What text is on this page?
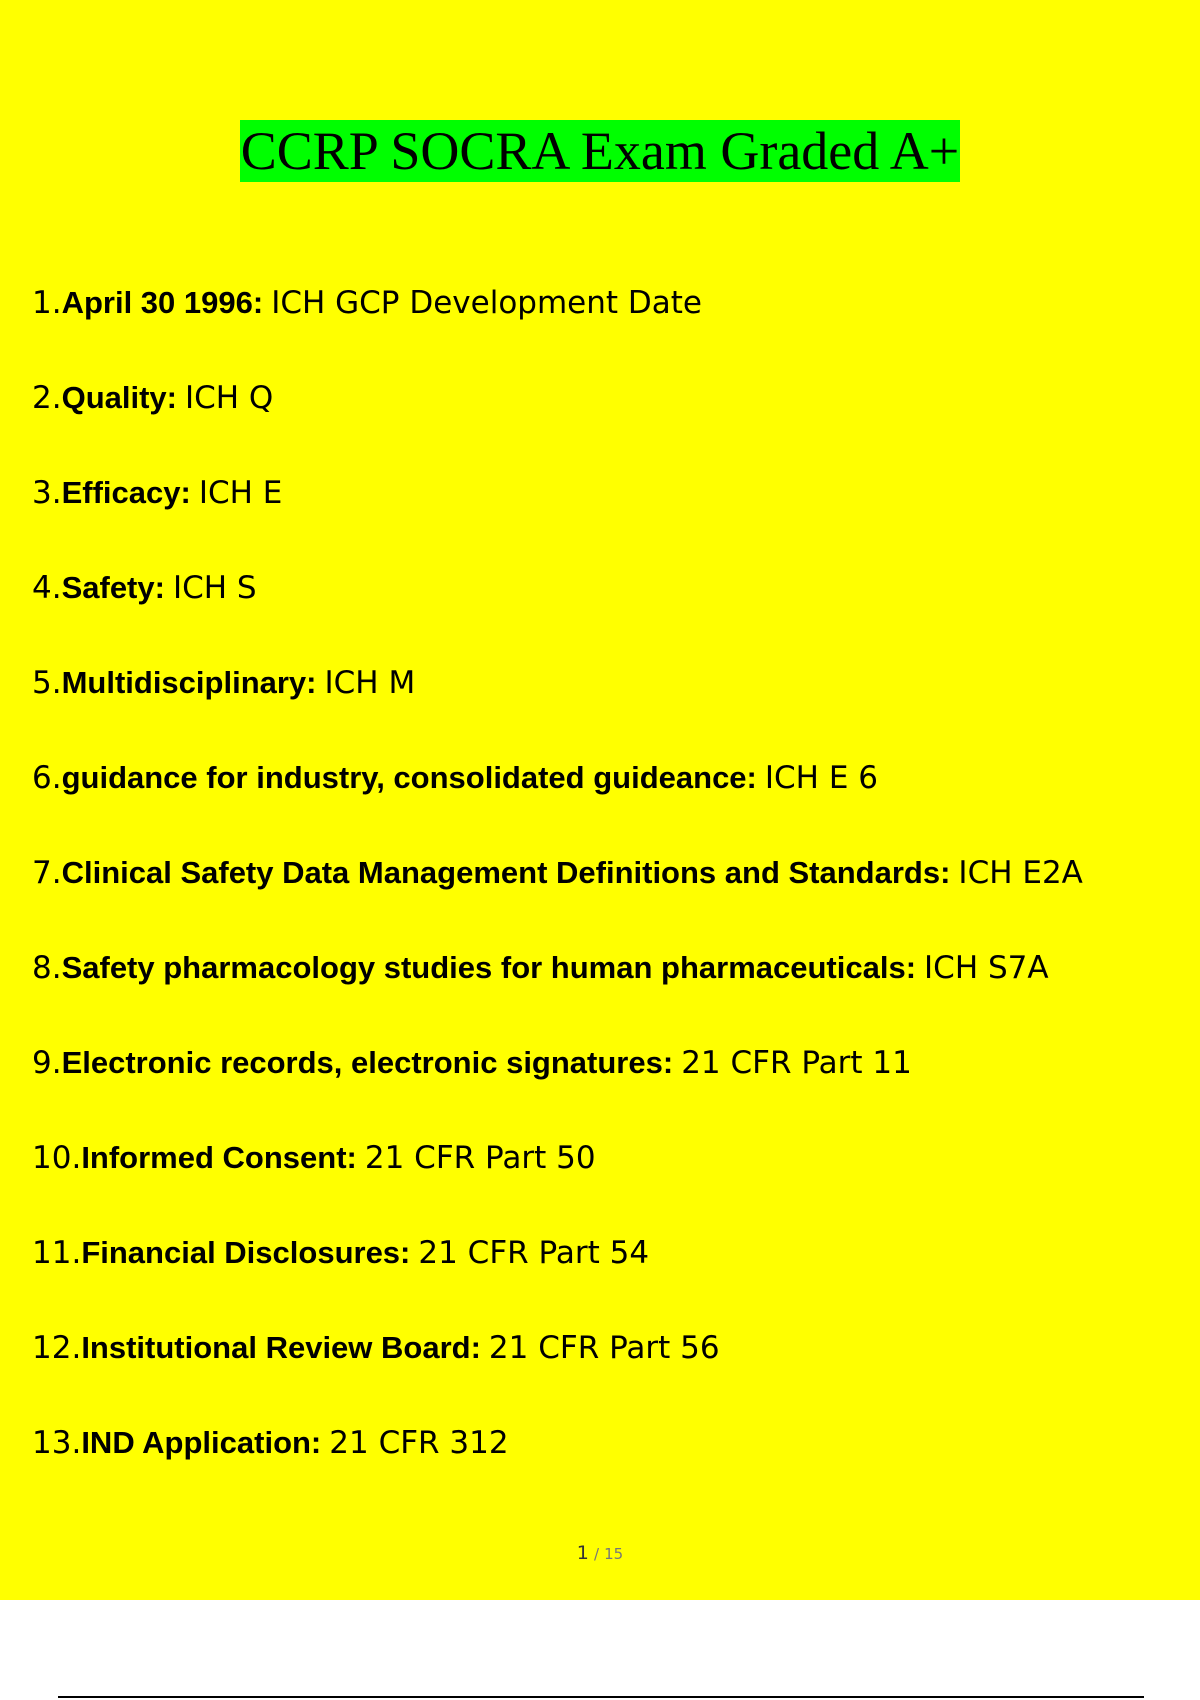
CCRP SOCRA Exam Graded A+
1.April 30 1996: ICH GCP Development Date
2.Quality: ICH Q
3.Efficacy: ICH E
4.Safety: ICH S
5.Multidisciplinary: ICH M
6.guidance for industry, consolidated guideance: ICH E 6
7.Clinical Safety Data Management Definitions and Standards: ICH E2A
8.Safety pharmacology studies for human pharmaceuticals: ICH S7A
9.Electronic records, electronic signatures: 21 CFR Part 11
10.Informed Consent: 21 CFR Part 50
11.Financial Disclosures: 21 CFR Part 54
12.Institutional Review Board: 21 CFR Part 56
13.IND Application: 21 CFR 312
1 / 15
